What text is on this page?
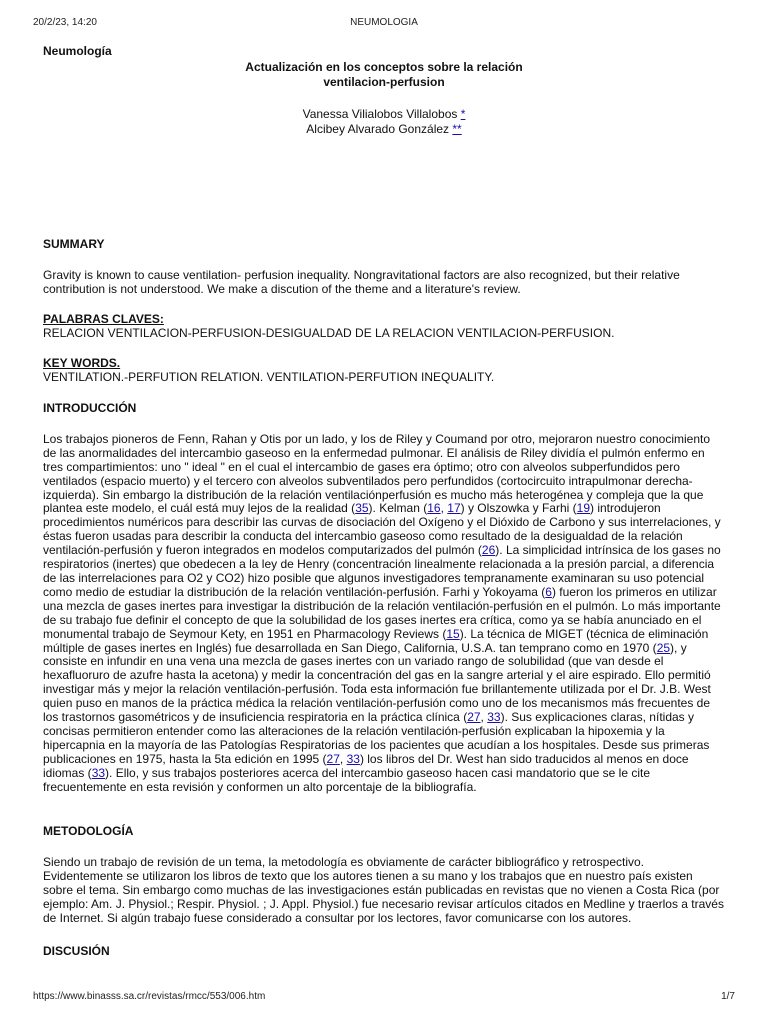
20/2/23, 14:20	NEUMOLOGIA
Neumología
Actualización en los conceptos sobre la relación
ventilacion-perfusion
Vanessa Vilialobos Villalobos *
Alcibey Alvarado González **
SUMMARY

Gravity is known to cause ventilation- perfusion inequality. Nongravitational factors are also recognized, but their relative contribution is not understood. We make a discution of the theme and a literature's review.

PALABRAS CLAVES:

RELACION VENTILACION-PERFUSION-DESIGUALDAD DE LA RELACION VENTILACION-PERFUSION.

KEY WORDS.

VENTILATION.-PERFUTION RELATION. VENTILATION-PERFUTION INEQUALITY.

INTRODUCCIÓN

Los trabajos pioneros de Fenn, Rahan y Otis por un lado, y los de Riley y Coumand por otro, mejoraron nuestro conocimiento de las anormalidades del intercambio gaseoso en la enfermedad pulmonar. El análisis de Riley dividía el pulmón enfermo en tres compartimientos: uno " ideal " en el cual el intercambio de gases era óptimo; otro con alveolos subperfundidos pero ventilados (espacio muerto) y el tercero con alveolos subventilados pero perfundidos (cortocircuito intrapulmonar derecha-izquierda). Sin embargo la distribución de la relación ventilaciónperfusión es mucho más heterogénea y compleja que la que plantea este modelo, el cuál está muy lejos de la realidad (35). Kelman (16, 17) y Olszowka y Farhi (19) introdujeron procedimientos numéricos para describir las curvas de disociación del Oxígeno y el Dióxido de Carbono y sus interrelaciones, y éstas fueron usadas para describir la conducta del intercambio gaseoso como resultado de la desigualdad de la relación ventilación-perfusión y fueron integrados en modelos computarizados del pulmón (26). La simplicidad intrínsica de los gases no respiratorios (inertes) que obedecen a la ley de Henry (concentración linealmente relacionada a la presión parcial, a diferencia de las interrelaciones para O2 y CO2) hizo posible que algunos investigadores tempranamente examinaran su uso potencial como medio de estudiar la distribución de la relación ventilación-perfusión. Farhi y Yokoyama (6) fueron los primeros en utilizar una mezcla de gases inertes para investigar la distribución de la relación ventilación-perfusión en el pulmón. Lo más importante de su trabajo fue definir el concepto de que la solubilidad de los gases inertes era crítica, como ya se había anunciado en el monumental trabajo de Seymour Kety, en 1951 en Pharmacology Reviews (15). La técnica de MIGET (técnica de eliminación múltiple de gases inertes en Inglés) fue desarrollada en San Diego, California, U.S.A. tan temprano como en 1970 (25), y consiste en infundir en una vena una mezcla de gases inertes con un variado rango de solubilidad (que van desde el hexafluoruro de azufre hasta la acetona) y medir la concentración del gas en la sangre arterial y el aire espirado. Ello permitió investigar más y mejor la relación ventilación-perfusión. Toda esta información fue brillantemente utilizada por el Dr. J.B. West quien puso en manos de la práctica médica la relación ventilación-perfusión como uno de los mecanismos más frecuentes de los trastornos gasométricos y de insuficiencia respiratoria en la práctica clínica (27, 33). Sus explicaciones claras, nítidas y concisas permitieron entender como las alteraciones de la relación ventilación-perfusión explicaban la hipoxemia y la hipercapnia en la mayoría de las Patologías Respiratorias de los pacientes que acudían a los hospitales. Desde sus primeras publicaciones en 1975, hasta la 5ta edición en 1995 (27, 33) los libros del Dr. West han sido traducidos al menos en doce idiomas (33). Ello, y sus trabajos posteriores acerca del intercambio gaseoso hacen casi mandatorio que se le cite frecuentemente en esta revisión y conformen un alto porcentaje de la bibliografía.

METODOLOGÍA

Siendo un trabajo de revisión de un tema, la metodología es obviamente de carácter bibliográfico y retrospectivo. Evidentemente se utilizaron los libros de texto que los autores tienen a su mano y los trabajos que en nuestro país existen sobre el tema. Sin embargo como muchas de las investigaciones están publicadas en revistas que no vienen a Costa Rica (por ejemplo: Am. J. Physiol.; Respir. Physiol. ; J. Appl. Physiol.) fue necesario revisar artículos citados en Medline y traerlos a través de Internet. Si algún trabajo fuese considerado a consultar por los lectores, favor comunicarse con los autores.

DISCUSIÓN
https://www.binasss.sa.cr/revistas/rmcc/553/006.htm	1/7
